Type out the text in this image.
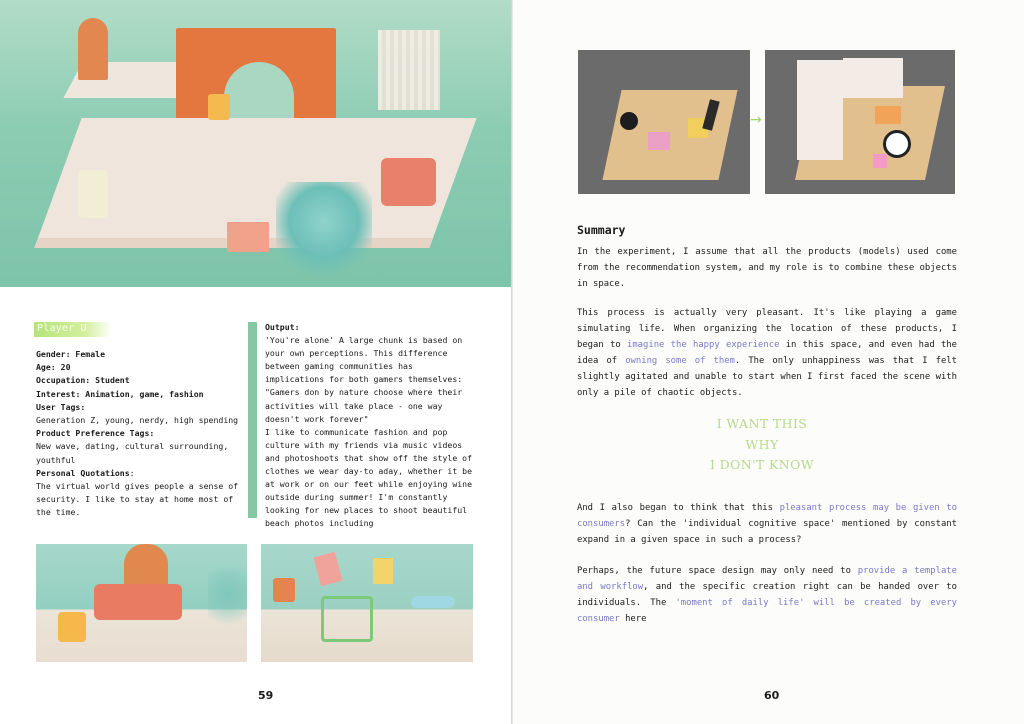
Player U
Gender: Female
Age: 20
Occupation: Student
Interest: Animation, game, fashion
User Tags:
Generation Z, young, nerdy, high spending
Product Preference Tags:
New wave, dating, cultural surrounding, youthful
Personal Quotations:
The virtual world gives people a sense of security. I like to stay at home most of the time.
Output:
'You're alone' A large chunk is based on your own perceptions. This difference between gaming communities has implications for both gamers themselves: "Gamers don by nature choose where their activities will take place - one way doesn't work forever"
I like to communicate fashion and pop culture with my friends via music videos and photoshoots that show off the style of clothes we wear day-to aday, whether it be at work or on our feet while enjoying wine outside during summer! I'm constantly looking for new places to shoot beautiful beach photos including
59
→
Summary
In the experiment, I assume that all the products (models) used come from the recommendation system, and my role is to combine these objects in space.
This process is actually very pleasant. It's like playing a game simulating life. When organizing the location of these products, I began to imagine the happy experience in this space, and even had the idea of owning some of them. The only unhappiness was that I felt slightly agitated and unable to start when I first faced the scene with only a pile of chaotic objects.
I WANT THIS
WHY
I DON'T KNOW
And I also began to think that this pleasant process may be given to consumers? Can the 'individual cognitive space' mentioned by constant expand in a given space in such a process?
Perhaps, the future space design may only need to provide a template and workflow, and the specific creation right can be handed over to individuals. The 'moment of daily life' will be created by every consumer here
60
